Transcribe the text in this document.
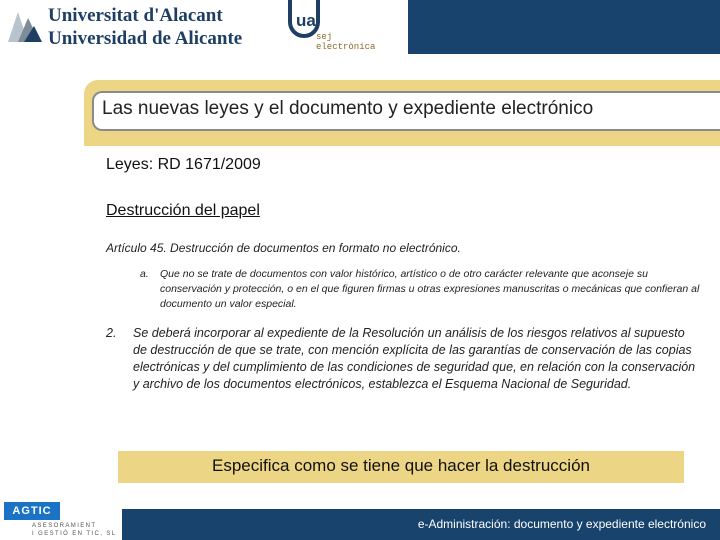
Universitat d'Alacant
Universidad de Alicante
ua
sej
electrònica
Las nuevas leyes y el documento y expediente electrónico
Leyes: RD 1671/2009
Destrucción del papel
Artículo 45. Destrucción de documentos en formato no electrónico.
a. Que no se trate de documentos con valor histórico, artístico o de otro carácter relevante que aconseje su conservación y protección, o en el que figuren firmas u otras expresiones manuscritas o mecánicas que confieran al documento un valor especial.
2. Se deberá incorporar al expediente de la Resolución un análisis de los riesgos relativos al supuesto de destrucción de que se trate, con mención explícita de las garantías de conservación de las copias electrónicas y del cumplimiento de las condiciones de seguridad que, en relación con la conservación y archivo de los documentos electrónicos, establezca el Esquema Nacional de Seguridad.
Especifica como se tiene que hacer la destrucción
AGTIC
ASESORAMIENT
I GESTIÓ EN TIC, SL
e-Administración: documento y expediente electrónico
